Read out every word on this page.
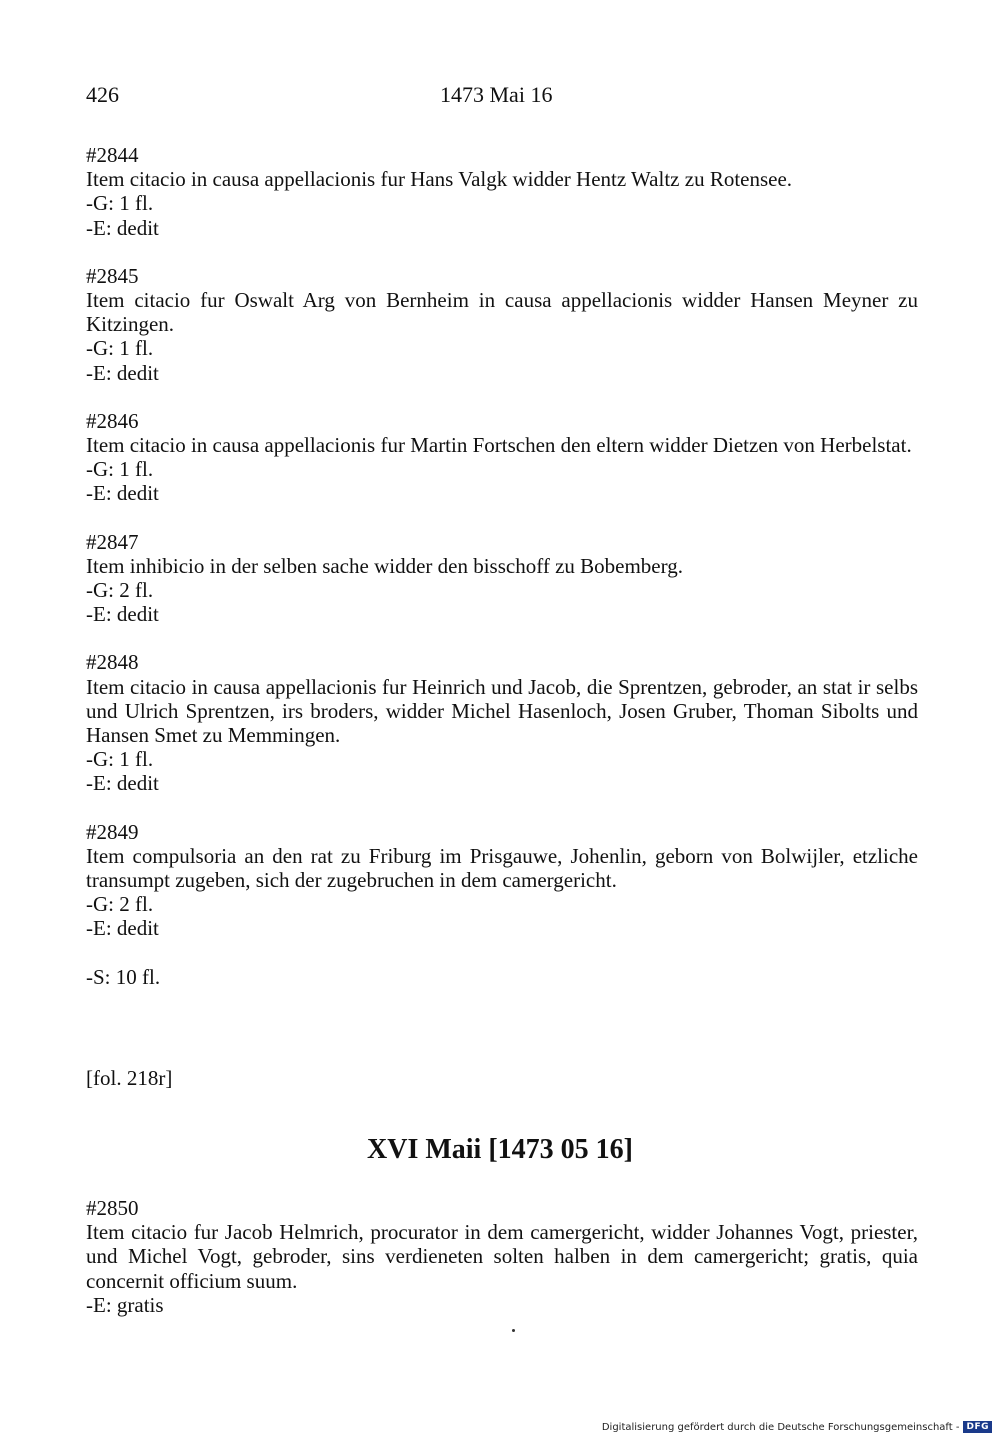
426	1473 Mai 16
#2844
Item citacio in causa appellacionis fur Hans Valgk widder Hentz Waltz zu Rotensee.
-G: 1 fl.
-E: dedit
#2845
Item citacio fur Oswalt Arg von Bernheim in causa appellacionis widder Hansen Meyner zu Kitzingen.
-G: 1 fl.
-E: dedit
#2846
Item citacio in causa appellacionis fur Martin Fortschen den eltern widder Dietzen von Herbelstat.
-G: 1 fl.
-E: dedit
#2847
Item inhibicio in der selben sache widder den bisschoff zu Bobemberg.
-G: 2 fl.
-E: dedit
#2848
Item citacio in causa appellacionis fur Heinrich und Jacob, die Sprentzen, gebroder, an stat ir selbs und Ulrich Sprentzen, irs broders, widder Michel Hasenloch, Josen Gruber, Thoman Sibolts und Hansen Smet zu Memmingen.
-G: 1 fl.
-E: dedit
#2849
Item compulsoria an den rat zu Friburg im Prisgauwe, Johenlin, geborn von Bolwijler, etzliche transumpt zugeben, sich der zugebruchen in dem camergericht.
-G: 2 fl.
-E: dedit
-S: 10 fl.
[fol. 218r]
XVI Maii [1473 05 16]
#2850
Item citacio fur Jacob Helmrich, procurator in dem camergericht, widder Johannes Vogt, priester, und Michel Vogt, gebroder, sins verdieneten solten halben in dem camergericht; gratis, quia concernit officium suum.
-E: gratis
Digitalisierung gefördert durch die Deutsche Forschungsgemeinschaft - DFG
